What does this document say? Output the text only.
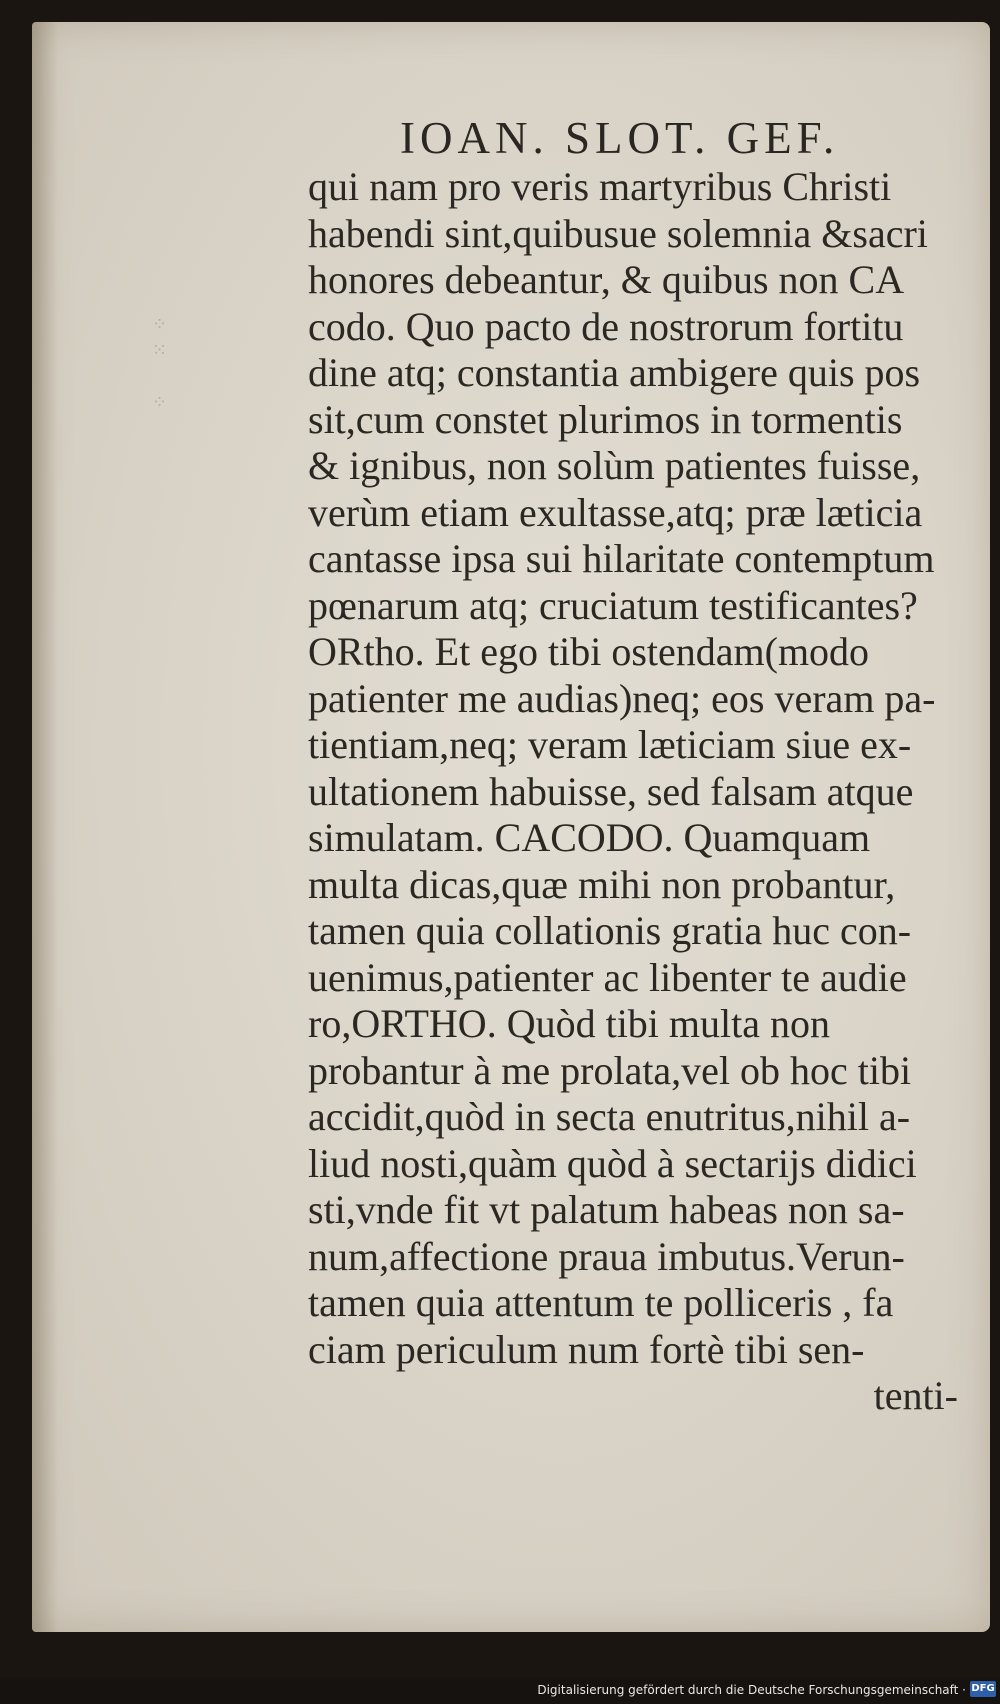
⁘
⁙

⁘
IOAN. SLOT. GEF.
qui nam pro veris martyribus Christi
habendi sint,quibusue solemnia &sacri
honores debeantur, & quibus non CA
codo. Quo pacto de nostrorum fortitu
dine atq; constantia ambigere quis pos
sit,cum constet plurimos in tormentis
& ignibus, non solùm patientes fuisse,
verùm etiam exultasse,atq; præ læticia
cantasse ipsa sui hilaritate contemptum
pœnarum atq; cruciatum testificantes?
ORtho. Et ego tibi ostendam(modo
patienter me audias)neq; eos veram pa-
tientiam,neq; veram læticiam siue ex-
ultationem habuisse, sed falsam atque
simulatam. CACODO. Quamquam
multa dicas,quæ mihi non probantur,
tamen quia collationis gratia huc con-
uenimus,patienter ac libenter te audie
ro,ORTHO. Quòd tibi multa non
probantur à me prolata,vel ob hoc tibi
accidit,quòd in secta enutritus,nihil a-
liud nosti,quàm quòd à sectarijs didici
sti,vnde fit vt palatum habeas non sa-
num,affectione praua imbutus.Verun-
tamen quia attentum te polliceris , fa
ciam periculum num fortè tibi sen-
tenti-
Digitalisierung gefördert durch die Deutsche Forschungsgemeinschaft · DFG
